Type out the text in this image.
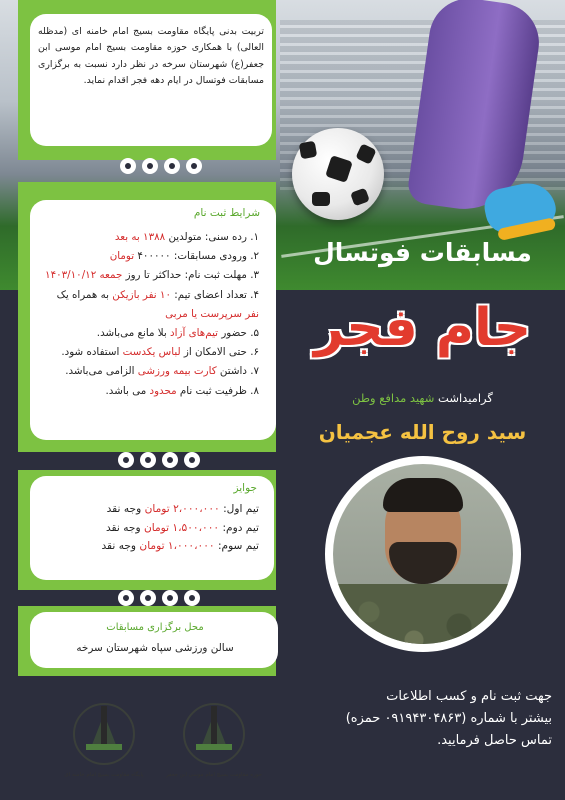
تربیت بدنی پایگاه مقاومت بسیج امام خامنه ای (مدظله العالی) با همکاری حوزه مقاومت بسیج امام موسی ابن جعفر(ع) شهرستان سرخه در نظر دارد نسبت به برگزاری مسابقات فوتسال در ایام دهه فجر اقدام نماید.
شرایط ثبت نام
۱. رده سنی: متولدین ۱۳۸۸ به بعد
۲. ورودی مسابقات: ۴۰۰۰۰۰ تومان
۳. مهلت ثبت نام: حداکثر تا روز جمعه ۱۴۰۳/۱۰/۱۲
۴. تعداد اعضای تیم: ۱۰ نفر بازیکن به همراه یک
نفر سرپرست یا مربی
۵. حضور تیم‌های آزاد بلا مانع می‌باشد.
۶. حتی الامکان از لباس یکدست استفاده شود.
۷. داشتن کارت بیمه ورزشی الزامی می‌باشد.
۸. ظرفیت ثبت نام محدود می باشد.
جوایز
تیم اول: ۲،۰۰۰،۰۰۰ تومان وجه نقد
تیم دوم: ۱،۵۰۰،۰۰۰ تومان وجه نقد
تیم سوم: ۱،۰۰۰،۰۰۰ تومان وجه نقد
محل برگزاری مسابقات
سالن ورزشی سپاه شهرستان سرخه
مسابقات فوتسال
جام فجر
گرامیداشت شهید مدافع وطن
سید روح الله عجمیان
جهت ثبت نام و کسب اطلاعات
بیشتر با شماره (۰۹۱۹۴۳۰۴۸۶۳ حمزه)
تماس حاصل فرمایید.
پایگاه مقاومت بسیج امام خامنه ای	حوزه مقاومت بسیج امام موسی ابن جعفر
